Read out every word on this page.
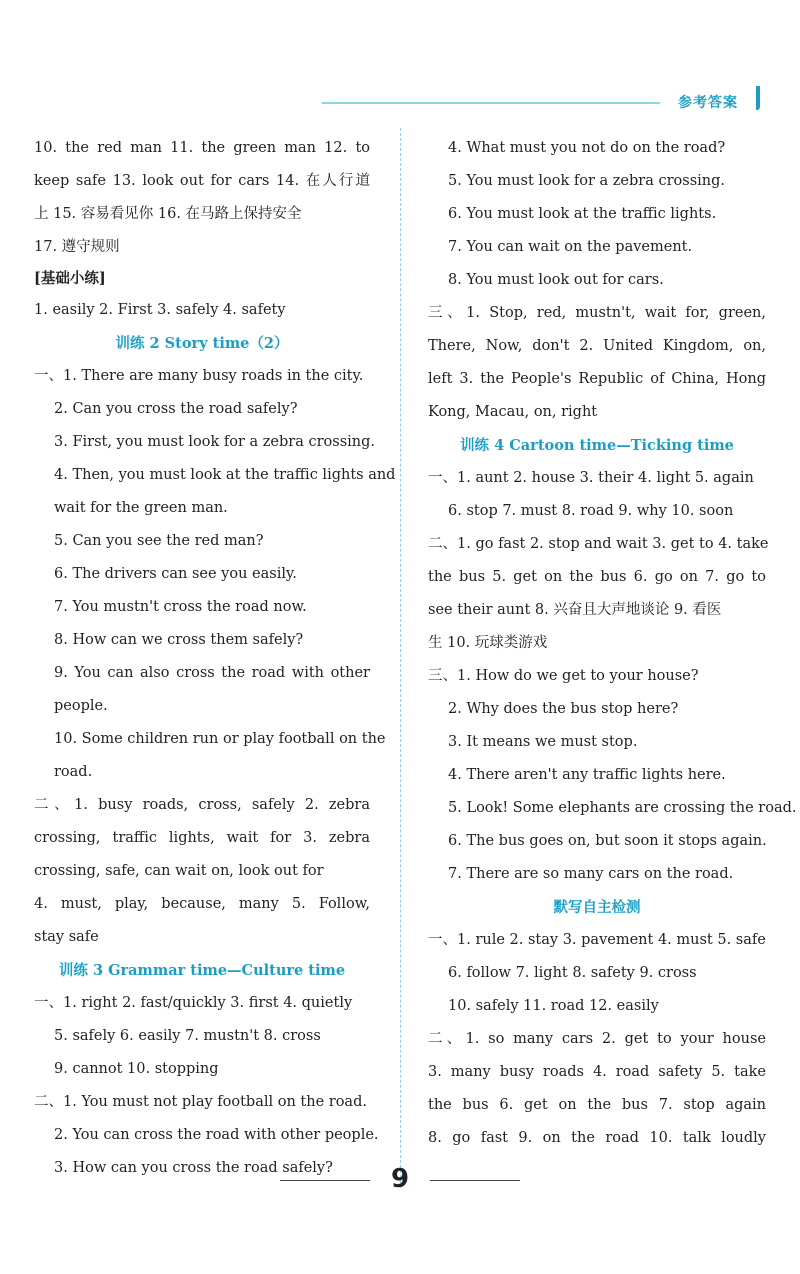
参考答案
10. the red man 11. the green man 12. to
keep safe 13. look out for cars 14. 在人行道
上 15. 容易看见你 16. 在马路上保持安全
17. 遵守规则
[基础小练]
1. easily 2. First 3. safely 4. safety
训练 2 Story time（2）
一、1. There are many busy roads in the city.
2. Can you cross the road safely?
3. First, you must look for a zebra crossing.
4. Then, you must look at the traffic lights and
wait for the green man.
5. Can you see the red man?
6. The drivers can see you easily.
7. You mustn't cross the road now.
8. How can we cross them safely?
9. You can also cross the road with other
people.
10. Some children run or play football on the
road.
二、1. busy roads, cross, safely 2. zebra
crossing, traffic lights, wait for 3. zebra
crossing, safe, can wait on, look out for
4. must, play, because, many 5. Follow,
stay safe
训练 3 Grammar time—Culture time
一、1. right 2. fast/quickly 3. first 4. quietly
5. safely 6. easily 7. mustn't 8. cross
9. cannot 10. stopping
二、1. You must not play football on the road.
2. You can cross the road with other people.
3. How can you cross the road safely?
4. What must you not do on the road?
5. You must look for a zebra crossing.
6. You must look at the traffic lights.
7. You can wait on the pavement.
8. You must look out for cars.
三、1. Stop, red, mustn't, wait for, green,
There, Now, don't 2. United Kingdom, on,
left 3. the People's Republic of China, Hong
Kong, Macau, on, right
训练 4 Cartoon time—Ticking time
一、1. aunt 2. house 3. their 4. light 5. again
6. stop 7. must 8. road 9. why 10. soon
二、1. go fast 2. stop and wait 3. get to 4. take
the bus 5. get on the bus 6. go on 7. go to
see their aunt 8. 兴奋且大声地谈论 9. 看医
生 10. 玩球类游戏
三、1. How do we get to your house?
2. Why does the bus stop here?
3. It means we must stop.
4. There aren't any traffic lights here.
5. Look! Some elephants are crossing the road.
6. The bus goes on, but soon it stops again.
7. There are so many cars on the road.
默写自主检测
一、1. rule 2. stay 3. pavement 4. must 5. safe
6. follow 7. light 8. safety 9. cross
10. safely 11. road 12. easily
二、1. so many cars 2. get to your house
3. many busy roads 4. road safety 5. take
the bus 6. get on the bus 7. stop again
8. go fast 9. on the road 10. talk loudly
9
